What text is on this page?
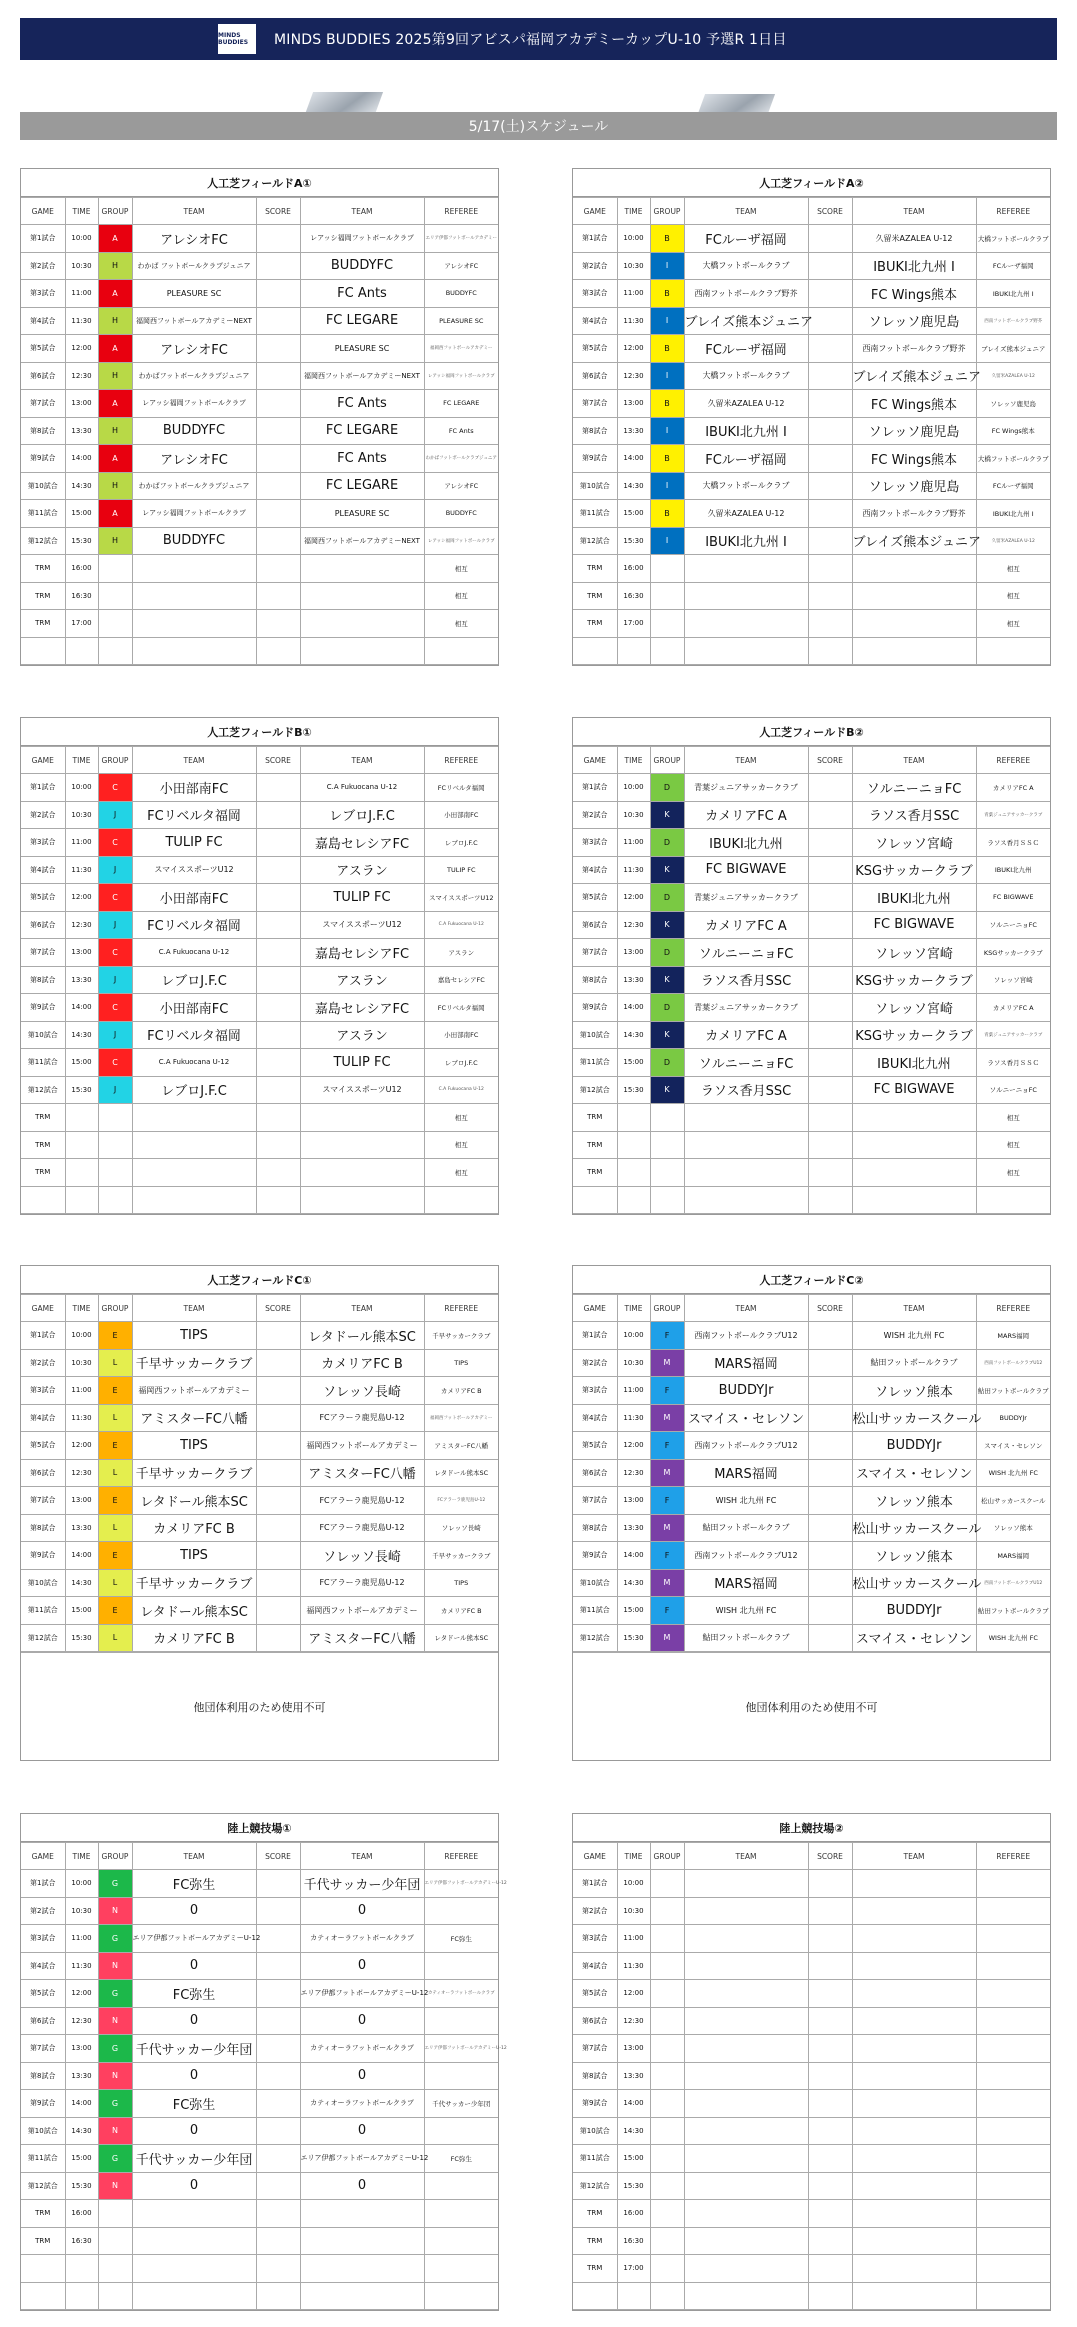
MINDS BUDDIES	MINDS BUDDIES 2025第9回アビスパ福岡アカデミーカップU-10 予選R 1日目
5/17(土)スケジュール
人工芝フィールドA①
GAME	TIME	GROUP	TEAM	SCORE	TEAM	REFEREE
第1試合	10:00	A	アレシオFC		レアッシ福岡フットボールクラブ	エリア伊都フットボールアカデミー
第2試合	10:30	H	わかば フットボールクラブジュニア		BUDDYFC	アレシオFC
第3試合	11:00	A	PLEASURE SC		FC Ants	BUDDYFC
第4試合	11:30	H	福岡西フットボールアカデミーNEXT		FC LEGARE	PLEASURE SC
第5試合	12:00	A	アレシオFC		PLEASURE SC	福岡西フットボールアカデミー
第6試合	12:30	H	わかばフットボールクラブジュニア		福岡西フットボールアカデミーNEXT	レアッシ福岡フットボールクラブ
第7試合	13:00	A	レアッシ福岡フットボールクラブ		FC Ants	FC LEGARE
第8試合	13:30	H	BUDDYFC		FC LEGARE	FC Ants
第9試合	14:00	A	アレシオFC		FC Ants	わかばフットボールクラブジュニア
第10試合	14:30	H	わかばフットボールクラブジュニア		FC LEGARE	アレシオFC
第11試合	15:00	A	レアッシ福岡フットボールクラブ		PLEASURE SC	BUDDYFC
第12試合	15:30	H	BUDDYFC		福岡西フットボールアカデミーNEXT	レアッシ福岡フットボールクラブ
TRM	16:00					相互
TRM	16:30					相互
TRM	17:00					相互

人工芝フィールドA②
GAME	TIME	GROUP	TEAM	SCORE	TEAM	REFEREE
第1試合	10:00	B	FCルーザ福岡		久留米AZALEA U-12	大橋フットボールクラブ
第2試合	10:30	I	大橋フットボールクラブ		IBUKI北九州 I	FCルーザ福岡
第3試合	11:00	B	西南フットボールクラブ野芥		FC Wings熊本	IBUKI北九州 I
第4試合	11:30	I	ブレイズ熊本ジュニア		ソレッソ鹿児島	西南フットボールクラブ野芥
第5試合	12:00	B	FCルーザ福岡		西南フットボールクラブ野芥	ブレイズ熊本ジュニア
第6試合	12:30	I	大橋フットボールクラブ		ブレイズ熊本ジュニア	久留米AZALEA U-12
第7試合	13:00	B	久留米AZALEA U-12		FC Wings熊本	ソレッソ鹿児島
第8試合	13:30	I	IBUKI北九州 I		ソレッソ鹿児島	FC Wings熊本
第9試合	14:00	B	FCルーザ福岡		FC Wings熊本	大橋フットボールクラブ
第10試合	14:30	I	大橋フットボールクラブ		ソレッソ鹿児島	FCルーザ福岡
第11試合	15:00	B	久留米AZALEA U-12		西南フットボールクラブ野芥	IBUKI北九州 I
第12試合	15:30	I	IBUKI北九州 I		ブレイズ熊本ジュニア	久留米AZALEA U-12
TRM	16:00					相互
TRM	16:30					相互
TRM	17:00					相互

人工芝フィールドB①
GAME	TIME	GROUP	TEAM	SCORE	TEAM	REFEREE
第1試合	10:00	C	小田部南FC		C.A Fukuocana U-12	FCリベルタ福岡
第2試合	10:30	J	FCリベルタ福岡		レブロJ.F.C	小田部南FC
第3試合	11:00	C	TULIP FC		嘉島セレシアFC	レブロJ.F.C
第4試合	11:30	J	スマイススポーツU12		アスラン	TULIP FC
第5試合	12:00	C	小田部南FC		TULIP FC	スマイススポーツU12
第6試合	12:30	J	FCリベルタ福岡		スマイススポーツU12	C.A Fukuocana U-12
第7試合	13:00	C	C.A Fukuocana U-12		嘉島セレシアFC	アスラン
第8試合	13:30	J	レブロJ.F.C		アスラン	嘉島セレシアFC
第9試合	14:00	C	小田部南FC		嘉島セレシアFC	FCリベルタ福岡
第10試合	14:30	J	FCリベルタ福岡		アスラン	小田部南FC
第11試合	15:00	C	C.A Fukuocana U-12		TULIP FC	レブロJ.F.C
第12試合	15:30	J	レブロJ.F.C		スマイススポーツU12	C.A Fukuocana U-12
TRM						相互
TRM						相互
TRM						相互

人工芝フィールドB②
GAME	TIME	GROUP	TEAM	SCORE	TEAM	REFEREE
第1試合	10:00	D	青葉ジュニアサッカークラブ		ソルニーニョFC	カメリアFC A
第2試合	10:30	K	カメリアFC A		ラソス香月SSC	青葉ジュニアサッカークラブ
第3試合	11:00	D	IBUKI北九州		ソレッソ宮崎	ラソス香月ＳＳＣ
第4試合	11:30	K	FC BIGWAVE		KSGサッカークラブ	IBUKI北九州
第5試合	12:00	D	青葉ジュニアサッカークラブ		IBUKI北九州	FC BIGWAVE
第6試合	12:30	K	カメリアFC A		FC BIGWAVE	ソルニーニョFC
第7試合	13:00	D	ソルニーニョFC		ソレッソ宮崎	KSGサッカークラブ
第8試合	13:30	K	ラソス香月SSC		KSGサッカークラブ	ソレッソ宮崎
第9試合	14:00	D	青葉ジュニアサッカークラブ		ソレッソ宮崎	カメリアFC A
第10試合	14:30	K	カメリアFC A		KSGサッカークラブ	青葉ジュニアサッカークラブ
第11試合	15:00	D	ソルニーニョFC		IBUKI北九州	ラソス香月ＳＳＣ
第12試合	15:30	K	ラソス香月SSC		FC BIGWAVE	ソルニーニョFC
TRM						相互
TRM						相互
TRM						相互

人工芝フィールドC①
GAME	TIME	GROUP	TEAM	SCORE	TEAM	REFEREE
第1試合	10:00	E	TIPS		レタドール熊本SC	千早サッカークラブ
第2試合	10:30	L	千早サッカークラブ		カメリアFC B	TIPS
第3試合	11:00	E	福岡西フットボールアカデミー		ソレッソ長崎	カメリアFC B
第4試合	11:30	L	アミスターFC八幡		FCアラーラ鹿児島U-12	福岡西フットボールアカデミー
第5試合	12:00	E	TIPS		福岡西フットボールアカデミー	アミスターFC八幡
第6試合	12:30	L	千早サッカークラブ		アミスターFC八幡	レタドール熊本SC
第7試合	13:00	E	レタドール熊本SC		FCアラーラ鹿児島U-12	FCアラーラ鹿児島U-12
第8試合	13:30	L	カメリアFC B		FCアラーラ鹿児島U-12	ソレッソ長崎
第9試合	14:00	E	TIPS		ソレッソ長崎	千早サッカークラブ
第10試合	14:30	L	千早サッカークラブ		FCアラーラ鹿児島U-12	TIPS
第11試合	15:00	E	レタドール熊本SC		福岡西フットボールアカデミー	カメリアFC B
第12試合	15:30	L	カメリアFC B		アミスターFC八幡	レタドール熊本SC
他団体利用のため使用不可
人工芝フィールドC②
GAME	TIME	GROUP	TEAM	SCORE	TEAM	REFEREE
第1試合	10:00	F	西南フットボールクラブU12		WISH 北九州 FC	MARS福岡
第2試合	10:30	M	MARS福岡		鮎田フットボールクラブ	西南フットボールクラブU12
第3試合	11:00	F	BUDDYJr		ソレッソ熊本	鮎田フットボールクラブ
第4試合	11:30	M	スマイス・セレソン		松山サッカースクール	BUDDYJr
第5試合	12:00	F	西南フットボールクラブU12		BUDDYJr	スマイス・セレソン
第6試合	12:30	M	MARS福岡		スマイス・セレソン	WISH 北九州 FC
第7試合	13:00	F	WISH 北九州 FC		ソレッソ熊本	松山サッカースクール
第8試合	13:30	M	鮎田フットボールクラブ		松山サッカースクール	ソレッソ熊本
第9試合	14:00	F	西南フットボールクラブU12		ソレッソ熊本	MARS福岡
第10試合	14:30	M	MARS福岡		松山サッカースクール	西南フットボールクラブU12
第11試合	15:00	F	WISH 北九州 FC		BUDDYJr	鮎田フットボールクラブ
第12試合	15:30	M	鮎田フットボールクラブ		スマイス・セレソン	WISH 北九州 FC
他団体利用のため使用不可
陸上競技場①
GAME	TIME	GROUP	TEAM	SCORE	TEAM	REFEREE
第1試合	10:00	G	FC弥生		千代サッカー少年団	エリア伊都フットボールアカデミーU-12
第2試合	10:30	N	0		0	
第3試合	11:00	G	エリア伊都フットボールアカデミーU-12		カティオーラフットボールクラブ	FC弥生
第4試合	11:30	N	0		0	
第5試合	12:00	G	FC弥生		エリア伊都フットボールアカデミーU-12	カティオーラフットボールクラブ
第6試合	12:30	N	0		0	
第7試合	13:00	G	千代サッカー少年団		カティオーラフットボールクラブ	エリア伊都フットボールアカデミーU-12
第8試合	13:30	N	0		0	
第9試合	14:00	G	FC弥生		カティオーラフットボールクラブ	千代サッカー少年団
第10試合	14:30	N	0		0	
第11試合	15:00	G	千代サッカー少年団		エリア伊都フットボールアカデミーU-12	FC弥生
第12試合	15:30	N	0		0	
TRM	16:00					
TRM	16:30					

陸上競技場②
GAME	TIME	GROUP	TEAM	SCORE	TEAM	REFEREE
第1試合	10:00					
第2試合	10:30					
第3試合	11:00					
第4試合	11:30					
第5試合	12:00					
第6試合	12:30					
第7試合	13:00					
第8試合	13:30					
第9試合	14:00					
第10試合	14:30					
第11試合	15:00					
第12試合	15:30					
TRM	16:00					
TRM	16:30					
TRM	17:00					
